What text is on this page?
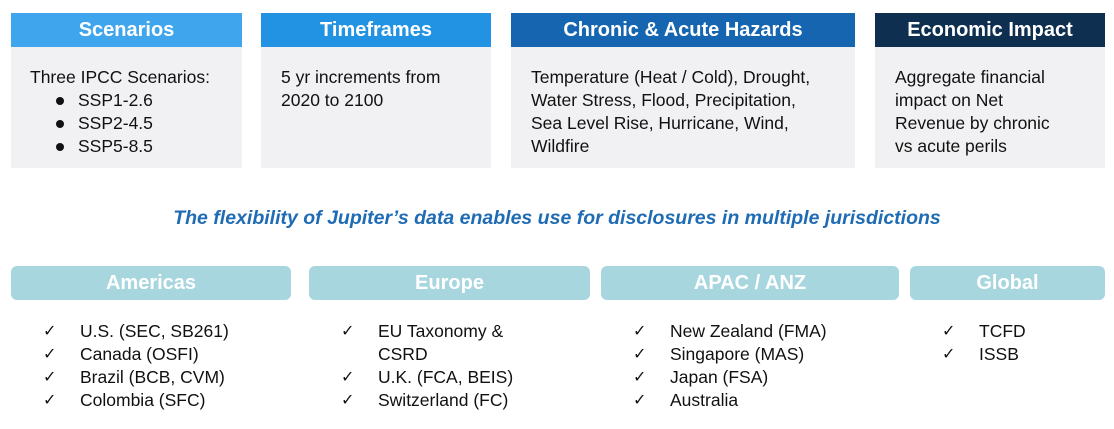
Scenarios
Three IPCC Scenarios:
SSP1-2.6
SSP2-4.5
SSP5-8.5
Timeframes
5 yr increments from
2020 to 2100
Chronic & Acute Hazards
Temperature (Heat / Cold), Drought,
Water Stress, Flood, Precipitation,
Sea Level Rise, Hurricane, Wind,
Wildfire
Economic Impact
Aggregate financial
impact on Net
Revenue by chronic
vs acute perils
The flexibility of Jupiter’s data enables use for disclosures in multiple jurisdictions
Americas
✓ U.S. (SEC, SB261)
✓ Canada (OSFI)
✓ Brazil (BCB, CVM)
✓ Colombia (SFC)
Europe
✓ EU Taxonomy &
CSRD
✓ U.K. (FCA, BEIS)
✓ Switzerland (FC)
APAC / ANZ
✓ New Zealand (FMA)
✓ Singapore (MAS)
✓ Japan (FSA)
✓ Australia
Global
✓ TCFD
✓ ISSB
